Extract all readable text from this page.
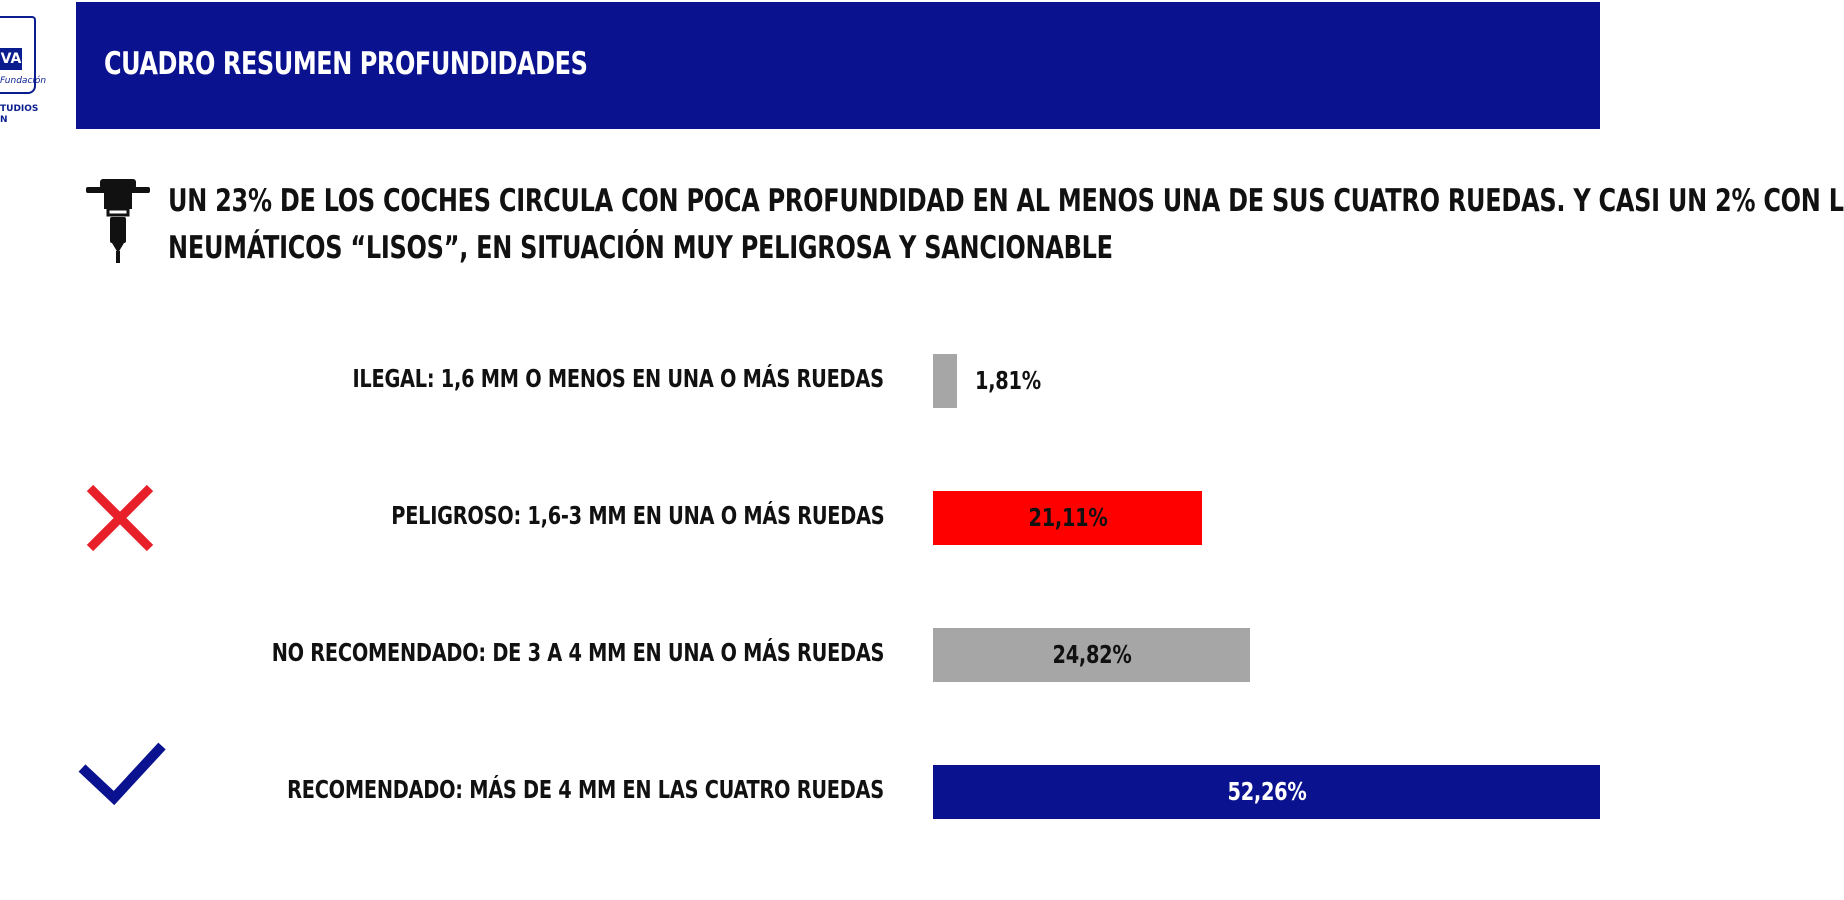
VA
Fundación
TUDIOS
N
CUADRO RESUMEN PROFUNDIDADES
UN 23% DE LOS COCHES CIRCULA CON POCA PROFUNDIDAD EN AL MENOS UNA DE SUS CUATRO RUEDAS. Y CASI UN 2% CON L
NEUMÁTICOS “LISOS”, EN SITUACIÓN MUY PELIGROSA Y SANCIONABLE
ILEGAL: 1,6 MM O MENOS EN UNA O MÁS RUEDAS	1,81%
PELIGROSO: 1,6-3 MM EN UNA O MÁS RUEDAS	21,11%
NO RECOMENDADO: DE 3 A 4 MM EN UNA O MÁS RUEDAS	24,82%
RECOMENDADO: MÁS DE 4 MM EN LAS CUATRO RUEDAS	52,26%
